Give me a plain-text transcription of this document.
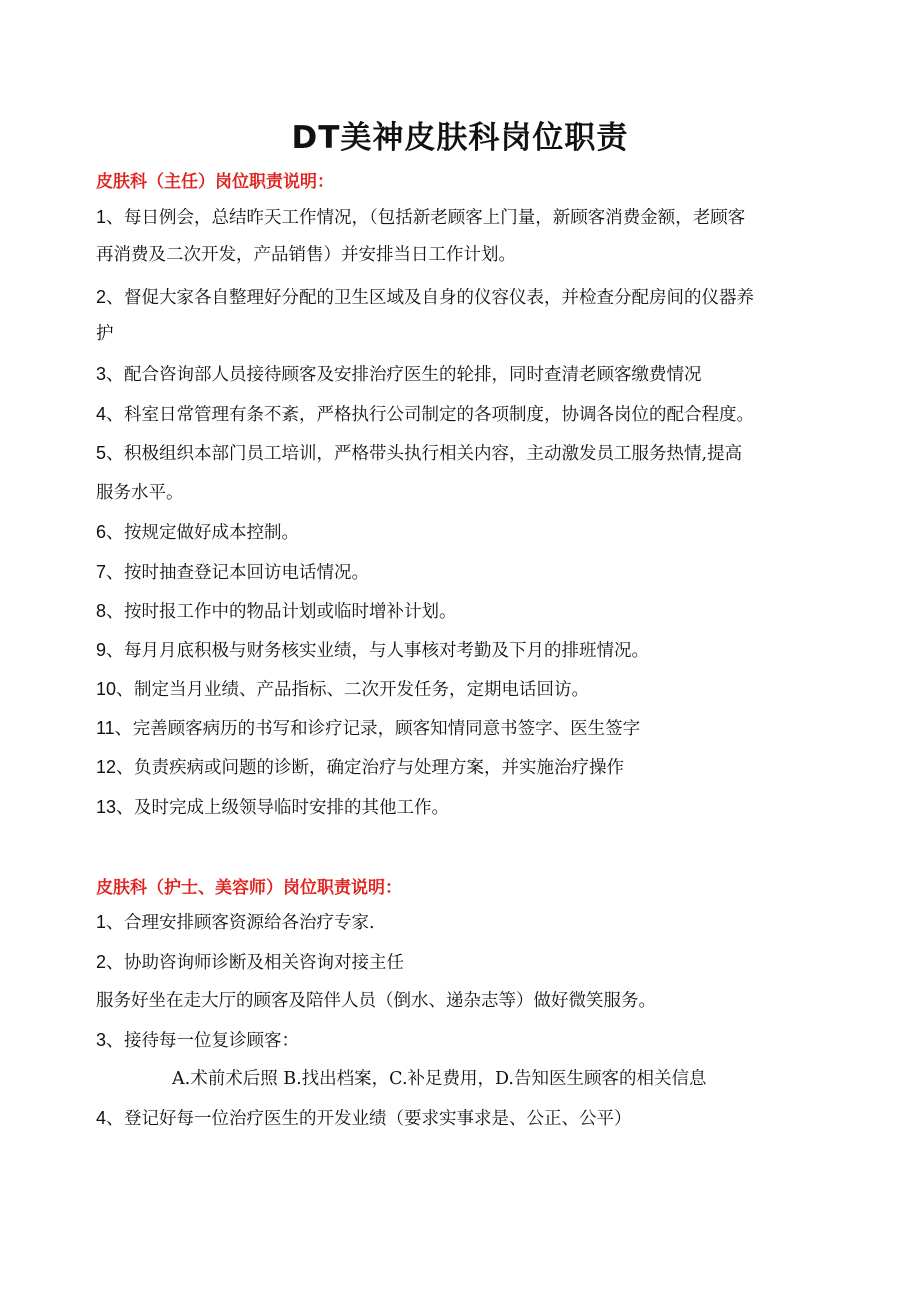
DT美神皮肤科岗位职责
皮肤科（主任）岗位职责说明：
1、每日例会，总结昨天工作情况，（包括新老顾客上门量，新顾客消费金额，老顾客
再消费及二次开发，产品销售）并安排当日工作计划。
2、督促大家各自整理好分配的卫生区域及自身的仪容仪表，并检查分配房间的仪器养
护
3、配合咨询部人员接待顾客及安排治疗医生的轮排，同时查清老顾客缴费情况
4、科室日常管理有条不紊，严格执行公司制定的各项制度，协调各岗位的配合程度。
5、积极组织本部门员工培训，严格带头执行相关内容，主动激发员工服务热情,提高
服务水平。
6、按规定做好成本控制。
7、按时抽查登记本回访电话情况。
8、按时报工作中的物品计划或临时增补计划。
9、每月月底积极与财务核实业绩，与人事核对考勤及下月的排班情况。
10、制定当月业绩、产品指标、二次开发任务，定期电话回访。
11、完善顾客病历的书写和诊疗记录，顾客知情同意书签字、医生签字
12、负责疾病或问题的诊断，确定治疗与处理方案，并实施治疗操作
13、及时完成上级领导临时安排的其他工作。
皮肤科（护士、美容师）岗位职责说明：
1、合理安排顾客资源给各治疗专家.
2、协助咨询师诊断及相关咨询对接主任
服务好坐在走大厅的顾客及陪伴人员（倒水、递杂志等）做好微笑服务。
3、接待每一位复诊顾客：
A.术前术后照 B.找出档案，C.补足费用，D.告知医生顾客的相关信息
4、登记好每一位治疗医生的开发业绩（要求实事求是、公正、公平）
